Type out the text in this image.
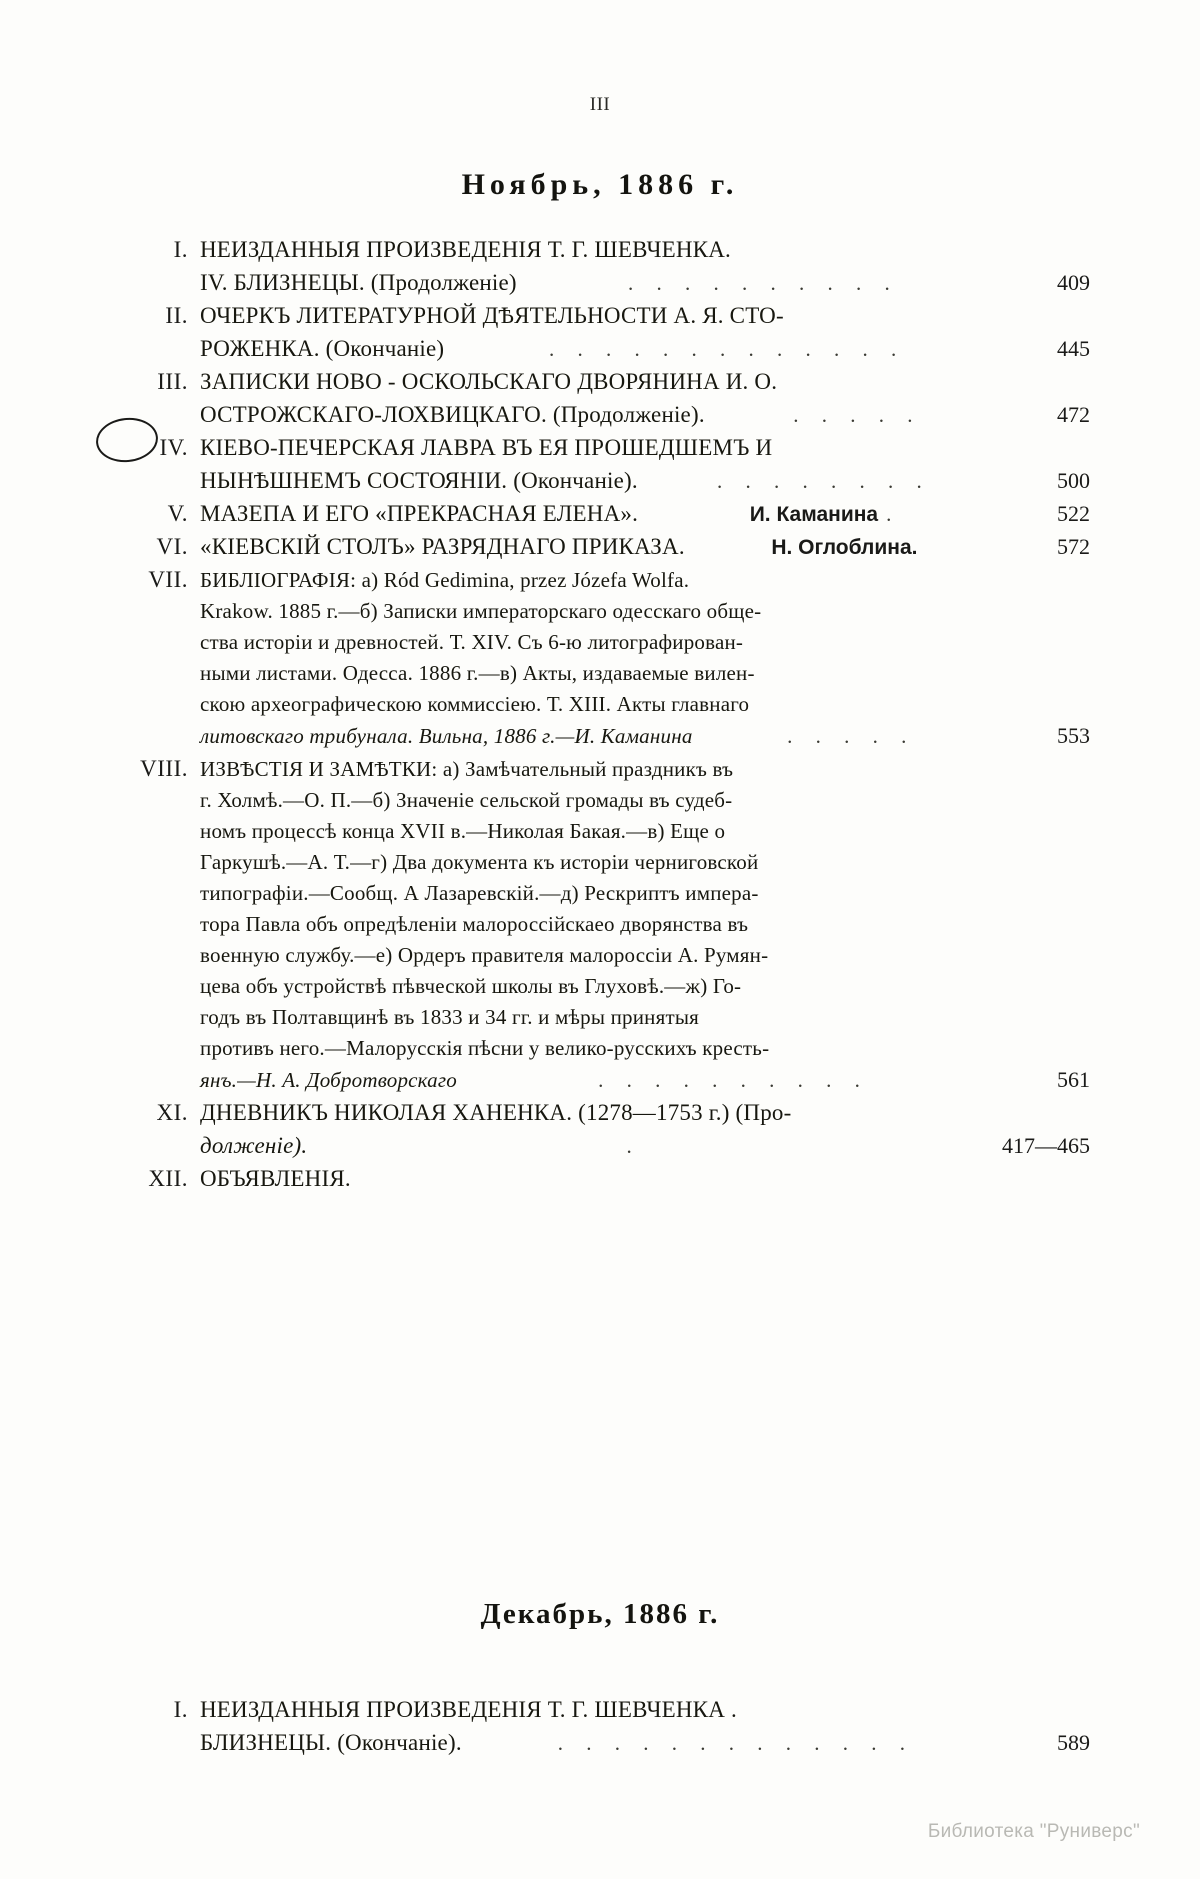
III
Ноябрь, 1886 г.
I. НЕИЗДАННЫЯ ПРОИЗВЕДЕНІЯ Т. Г. ШЕВЧЕНКА.
IV. БЛИЗНЕЦЫ. (Продолженіе)	. . . . . . . . . .	409
II. ОЧЕРКЪ ЛИТЕРАТУРНОЙ ДѢЯТЕЛЬНОСТИ А. Я. СТО-
РОЖЕНКА. (Окончаніе)	. . . . . . . . . . . . .	445
III. ЗАПИСКИ НОВО - ОСКОЛЬСКАГО ДВОРЯНИНА И. О.
ОСТРОЖСКАГО-ЛОХВИЦКАГО. (Продолженіе).	. . . . .	472
IV. КІЕВО-ПЕЧЕРСКАЯ ЛАВРА ВЪ ЕЯ ПРОШЕДШЕМЪ И
НЫНѢШНЕМЪ СОСТОЯНІИ. (Окончаніе).	. . . . . . . .	500
V. МАЗЕПА И ЕГО «ПРЕКРАСНАЯ ЕЛЕНА».	И. Каманина .	522
VI. «КІЕВСКІЙ СТОЛЪ» РАЗРЯДНАГО ПРИКАЗА.	Н. Оглоблина.	572
VII. БИБЛІОГРАФІЯ: а) Ród Gedimina, przez Józefa Wolfa.
Krakow. 1885 г.—б) Записки императорскаго одесскаго обще-
ства исторіи и древностей. Т. XIV. Съ 6-ю литографирован-
ными листами. Одесса. 1886 г.—в) Акты, издаваемые вилен-
скою археографическою коммиссіею. Т. XIII. Акты главнаго
литовскаго трибунала. Вильна, 1886 г.—И. Каманина	. . . . .	553
VIII. ИЗВѢСТІЯ И ЗАМѢТКИ: а) Замѣчательный праздникъ въ
г. Холмѣ.—О. П.—б) Значеніе сельской громады въ судеб-
номъ процессѣ конца XVII в.—Николая Бакая.—в) Еще о
Гаркушѣ.—А. Т.—г) Два документа къ исторіи черниговской
типографіи.—Сообщ. А Лазаревскій.—д) Рескриптъ импера-
тора Павла объ опредѣленіи малороссійскаео дворянства въ
военную службу.—е) Ордеръ правителя малороссіи А. Румян-
цева объ устройствѣ пѣвческой школы въ Глуховѣ.—ж) Го-
годъ въ Полтавщинѣ въ 1833 и 34 гг. и мѣры принятыя
противъ него.—Малорусскія пѣсни у велико-русскихъ кресть-
янъ.—Н. А. Добротворскаго	. . . . . . . . . .	561
XI. ДНЕВНИКЪ НИКОЛАЯ ХАНЕНКА. (1278—1753 г.) (Про-
долженіе).	.	417—465
XII. ОБЪЯВЛЕНІЯ.
Декабрь, 1886 г.
I. НЕИЗДАННЫЯ ПРОИЗВЕДЕНІЯ Т. Г. ШЕВЧЕНКА .
БЛИЗНЕЦЫ. (Окончаніе).	. . . . . . . . . . . . .	589
Библиотека "Руниверс"
